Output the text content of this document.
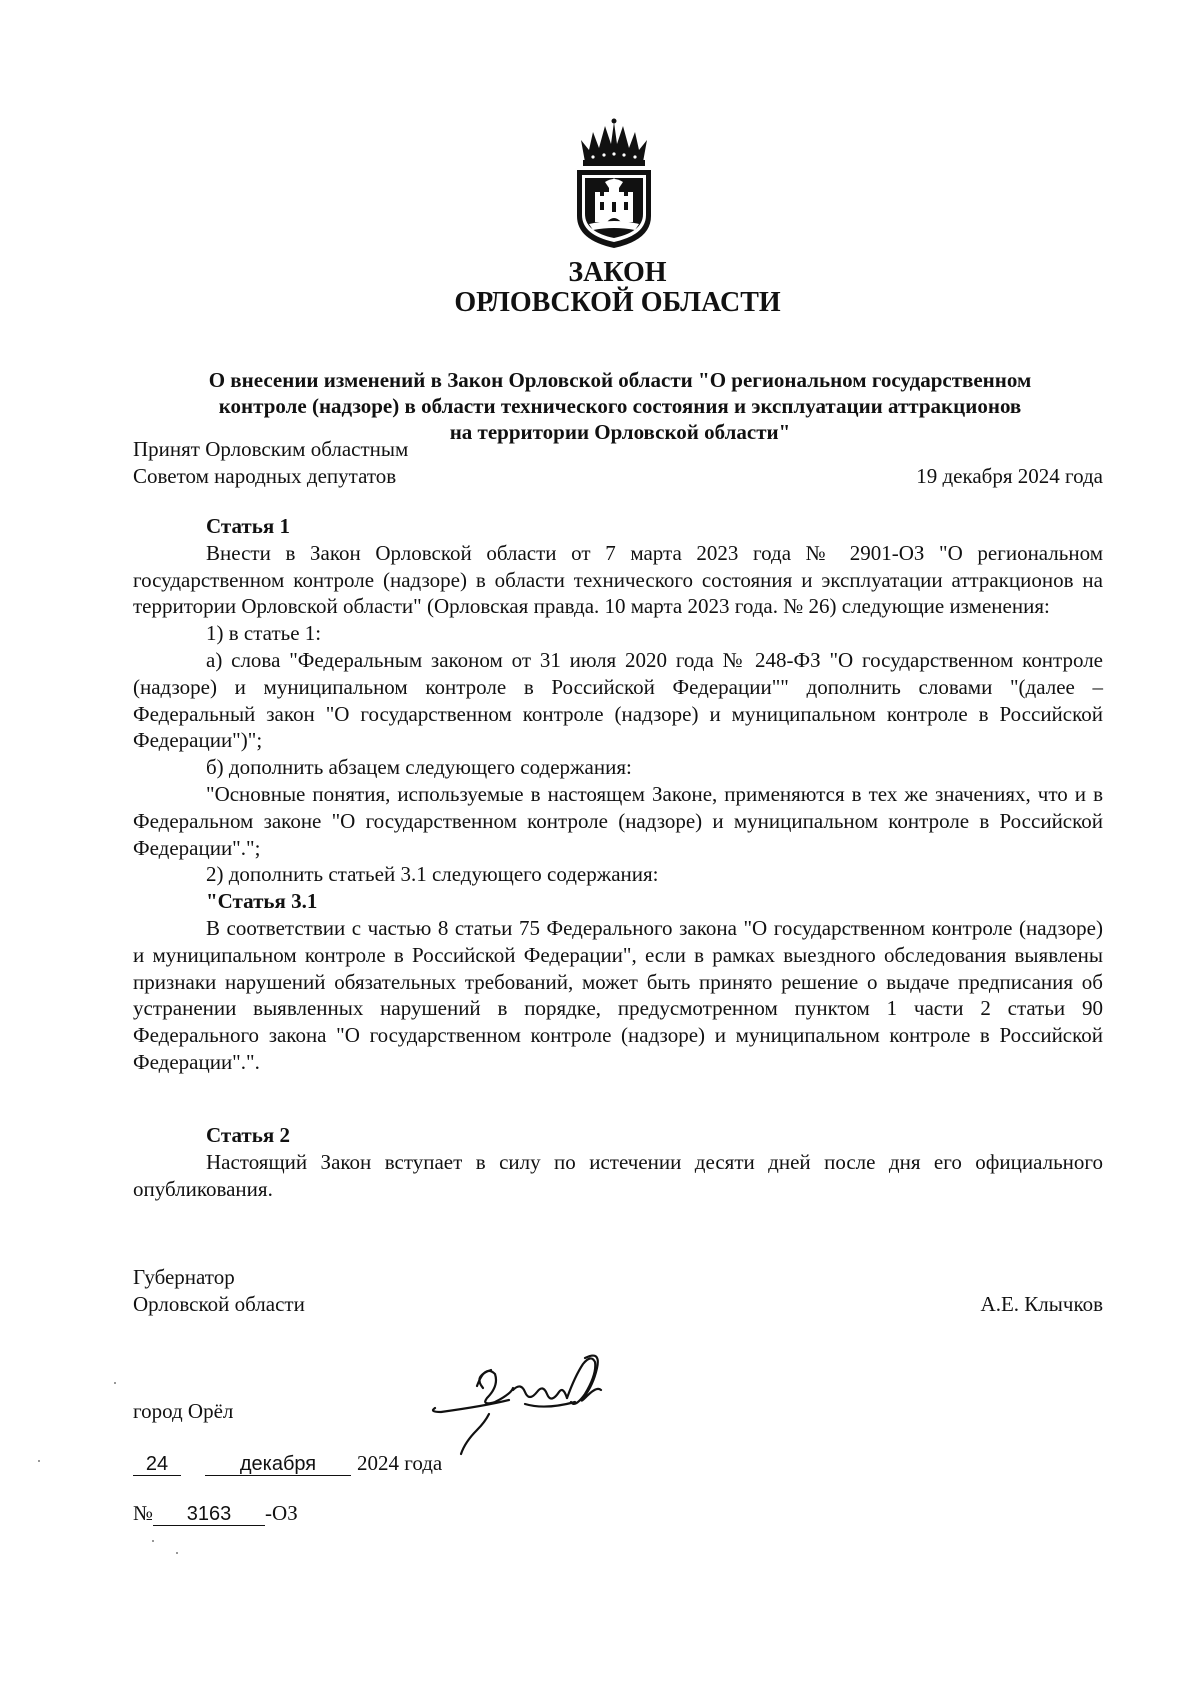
ЗАКОН
ОРЛОВСКОЙ ОБЛАСТИ
О внесении изменений в Закон Орловской области "О региональном государственном
контроле (надзоре) в области технического состояния и эксплуатации аттракционов
на территории Орловской области"
Принят Орловским областным
Советом народных депутатов	19 декабря 2024 года

Статья 1

Внести в Закон Орловской области от 7 марта 2023 года № 2901-ОЗ "О региональном государственном контроле (надзоре) в области технического состояния и эксплуатации аттракционов на территории Орловской области" (Орловская правда. 10 марта 2023 года. № 26) следующие изменения:

1) в статье 1:

а) слова "Федеральным законом от 31 июля 2020 года № 248-ФЗ "О государственном контроле (надзоре) и муниципальном контроле в Российской Федерации"" дополнить словами "(далее – Федеральный закон "О государственном контроле (надзоре) и муниципальном контроле в Российской Федерации")";

б) дополнить абзацем следующего содержания:

"Основные понятия, используемые в настоящем Законе, применяются в тех же значениях, что и в Федеральном законе "О государственном контроле (надзоре) и муниципальном контроле в Российской Федерации".";

2) дополнить статьей 3.1 следующего содержания:

"Статья 3.1

В соответствии с частью 8 статьи 75 Федерального закона "О государственном контроле (надзоре) и муниципальном контроле в Российской Федерации", если в рамках выездного обследования выявлены признаки нарушений обязательных требований, может быть принято решение о выдаче предписания об устранении выявленных нарушений в порядке, предусмотренном пунктом 1 части 2 статьи 90 Федерального закона "О государственном контроле (надзоре) и муниципальном контроле в Российской Федерации".".

Статья 2

Настоящий Закон вступает в силу по истечении десяти дней после дня его официального опубликования.

Губернатор
Орловской области	А.Е. Клычков
город Орёл
24	декабря 2024 года
№ 3163 -ОЗ
